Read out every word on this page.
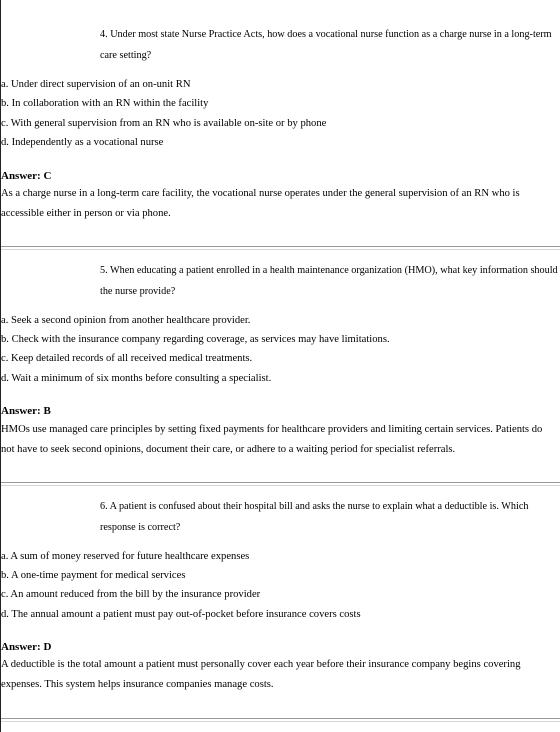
4. Under most state Nurse Practice Acts, how does a vocational nurse function as a charge nurse in a long-term care setting?

a. Under direct supervision of an on-unit RN
b. In collaboration with an RN within the facility
c. With general supervision from an RN who is available on-site or by phone
d. Independently as a vocational nurse
Answer: C

As a charge nurse in a long-term care facility, the vocational nurse operates under the general supervision of an RN who is accessible either in person or via phone.

5. When educating a patient enrolled in a health maintenance organization (HMO), what key information should the nurse provide?

a. Seek a second opinion from another healthcare provider.
b. Check with the insurance company regarding coverage, as services may have limitations.
c. Keep detailed records of all received medical treatments.
d. Wait a minimum of six months before consulting a specialist.
Answer: B

HMOs use managed care principles by setting fixed payments for healthcare providers and limiting certain services. Patients do not have to seek second opinions, document their care, or adhere to a waiting period for specialist referrals.

6. A patient is confused about their hospital bill and asks the nurse to explain what a deductible is. Which response is correct?

a. A sum of money reserved for future healthcare expenses
b. A one-time payment for medical services
c. An amount reduced from the bill by the insurance provider
d. The annual amount a patient must pay out-of-pocket before insurance covers costs
Answer: D

A deductible is the total amount a patient must personally cover each year before their insurance company begins covering expenses. This system helps insurance companies manage costs.
